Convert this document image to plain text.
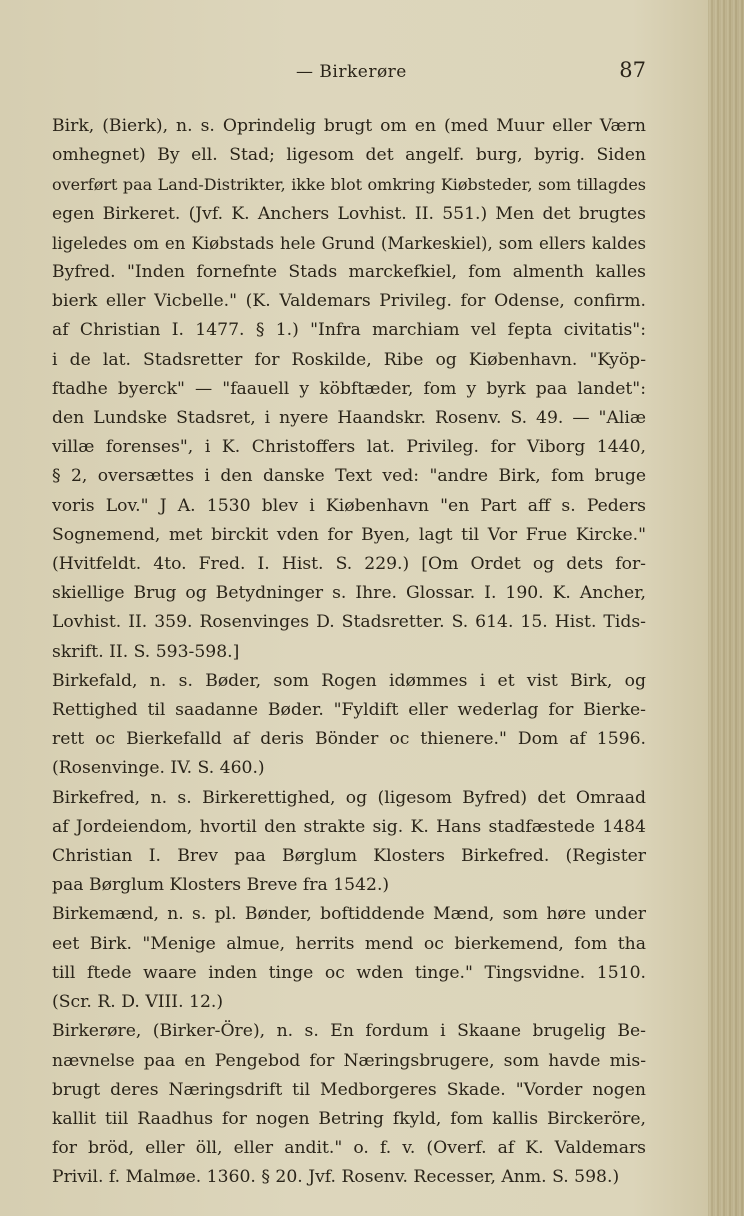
— Birkerøre	87
Birk, (Bierk), n. s. Oprindelig brugt om en (med Muur eller Værn
omhegnet) By ell. Stad; ligesom det angelf. burg, byrig. Siden
overført paa Land-Distrikter, ikke blot omkring Kiøbsteder, som tillagdes
egen Birkeret. (Jvf. K. Anchers Lovhist. II. 551.) Men det brugtes
ligeledes om en Kiøbstads hele Grund (Markeskiel), som ellers kaldes
Byfred. "Inden fornefnte Stads marckefkiel, fom almenth kalles
bierk eller Vicbelle." (K. Valdemars Privileg. for Odense, confirm.
af Christian I. 1477. § 1.) "Infra marchiam vel fepta civitatis":
i de lat. Stadsretter for Roskilde, Ribe og Kiøbenhavn. "Kyöp-
ftadhe byerck" — "faauell y köbftæder, fom y byrk paa landet":
den Lundske Stadsret, i nyere Haandskr. Rosenv. S. 49. — "Aliæ
villæ forenses", i K. Christoffers lat. Privileg. for Viborg 1440,
§ 2, oversættes i den danske Text ved: "andre Birk, fom bruge
voris Lov." J A. 1530 blev i Kiøbenhavn "en Part aff s. Peders
Sognemend, met birckit vden for Byen, lagt til Vor Frue Kircke."
(Hvitfeldt. 4to. Fred. I. Hist. S. 229.) [Om Ordet og dets for-
skiellige Brug og Betydninger s. Ihre. Glossar. I. 190. K. Ancher,
Lovhist. II. 359. Rosenvinges D. Stadsretter. S. 614. 15. Hist. Tids-
skrift. II. S. 593-598.]
Birkefald, n. s. Bøder, som Rogen idømmes i et vist Birk, og
Rettighed til saadanne Bøder. "Fyldift eller wederlag for Bierke-
rett oc Bierkefalld af deris Bönder oc thienere." Dom af 1596.
(Rosenvinge. IV. S. 460.)
Birkefred, n. s. Birkerettighed, og (ligesom Byfred) det Omraad
af Jordeiendom, hvortil den strakte sig. K. Hans stadfæstede 1484
Christian I. Brev paa Børglum Klosters Birkefred. (Register
paa Børglum Klosters Breve fra 1542.)
Birkemænd, n. s. pl. Bønder, boftiddende Mænd, som høre under
eet Birk. "Menige almue, herrits mend oc bierkemend, fom tha
till ftede waare inden tinge oc wden tinge." Tingsvidne. 1510.
(Scr. R. D. VIII. 12.)
Birkerøre, (Birker-Öre), n. s. En fordum i Skaane brugelig Be-
nævnelse paa en Pengebod for Næringsbrugere, som havde mis-
brugt deres Næringsdrift til Medborgeres Skade. "Vorder nogen
kallit tiil Raadhus for nogen Betring fkyld, fom kallis Birckeröre,
for bröd, eller öll, eller andit." o. f. v. (Overf. af K. Valdemars
Privil. f. Malmøe. 1360. § 20. Jvf. Rosenv. Recesser, Anm. S. 598.)
